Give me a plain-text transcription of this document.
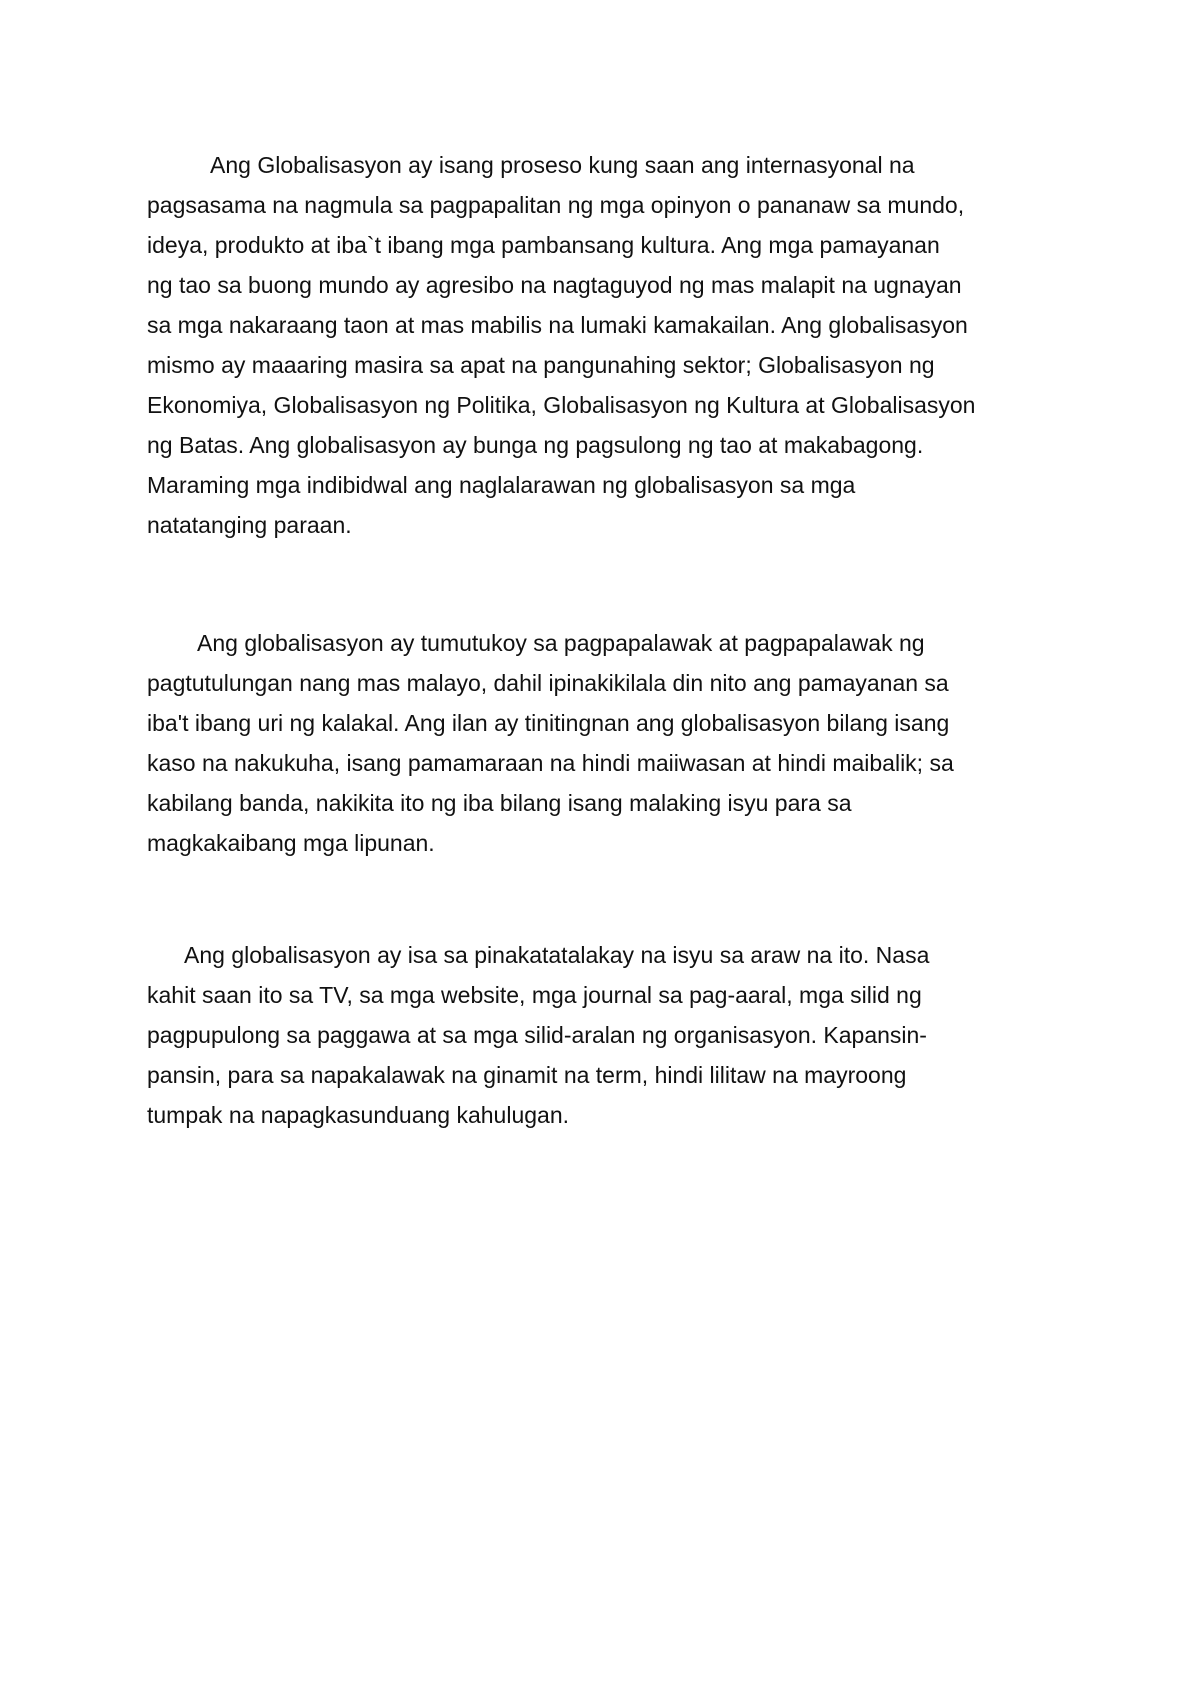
Ang Globalisasyon ay isang proseso kung saan ang internasyonal na
pagsasama na nagmula sa pagpapalitan ng mga opinyon o pananaw sa mundo,
ideya, produkto at iba`t ibang mga pambansang kultura. Ang mga pamayanan
ng tao sa buong mundo ay agresibo na nagtaguyod ng mas malapit na ugnayan
sa mga nakaraang taon at mas mabilis na lumaki kamakailan. Ang globalisasyon
mismo ay maaaring masira sa apat na pangunahing sektor; Globalisasyon ng
Ekonomiya, Globalisasyon ng Politika, Globalisasyon ng Kultura at Globalisasyon
ng Batas. Ang globalisasyon ay bunga ng pagsulong ng tao at makabagong.
Maraming mga indibidwal ang naglalarawan ng globalisasyon sa mga
natatanging paraan.

Ang globalisasyon ay tumutukoy sa pagpapalawak at pagpapalawak ng
pagtutulungan nang mas malayo, dahil ipinakikilala din nito ang pamayanan sa
iba't ibang uri ng kalakal. Ang ilan ay tinitingnan ang globalisasyon bilang isang
kaso na nakukuha, isang pamamaraan na hindi maiiwasan at hindi maibalik; sa
kabilang banda, nakikita ito ng iba bilang isang malaking isyu para sa
magkakaibang mga lipunan.

Ang globalisasyon ay isa sa pinakatatalakay na isyu sa araw na ito. Nasa
kahit saan ito sa TV, sa mga website, mga journal sa pag-aaral, mga silid ng
pagpupulong sa paggawa at sa mga silid-aralan ng organisasyon. Kapansin-
pansin, para sa napakalawak na ginamit na term, hindi lilitaw na mayroong
tumpak na napagkasunduang kahulugan.
